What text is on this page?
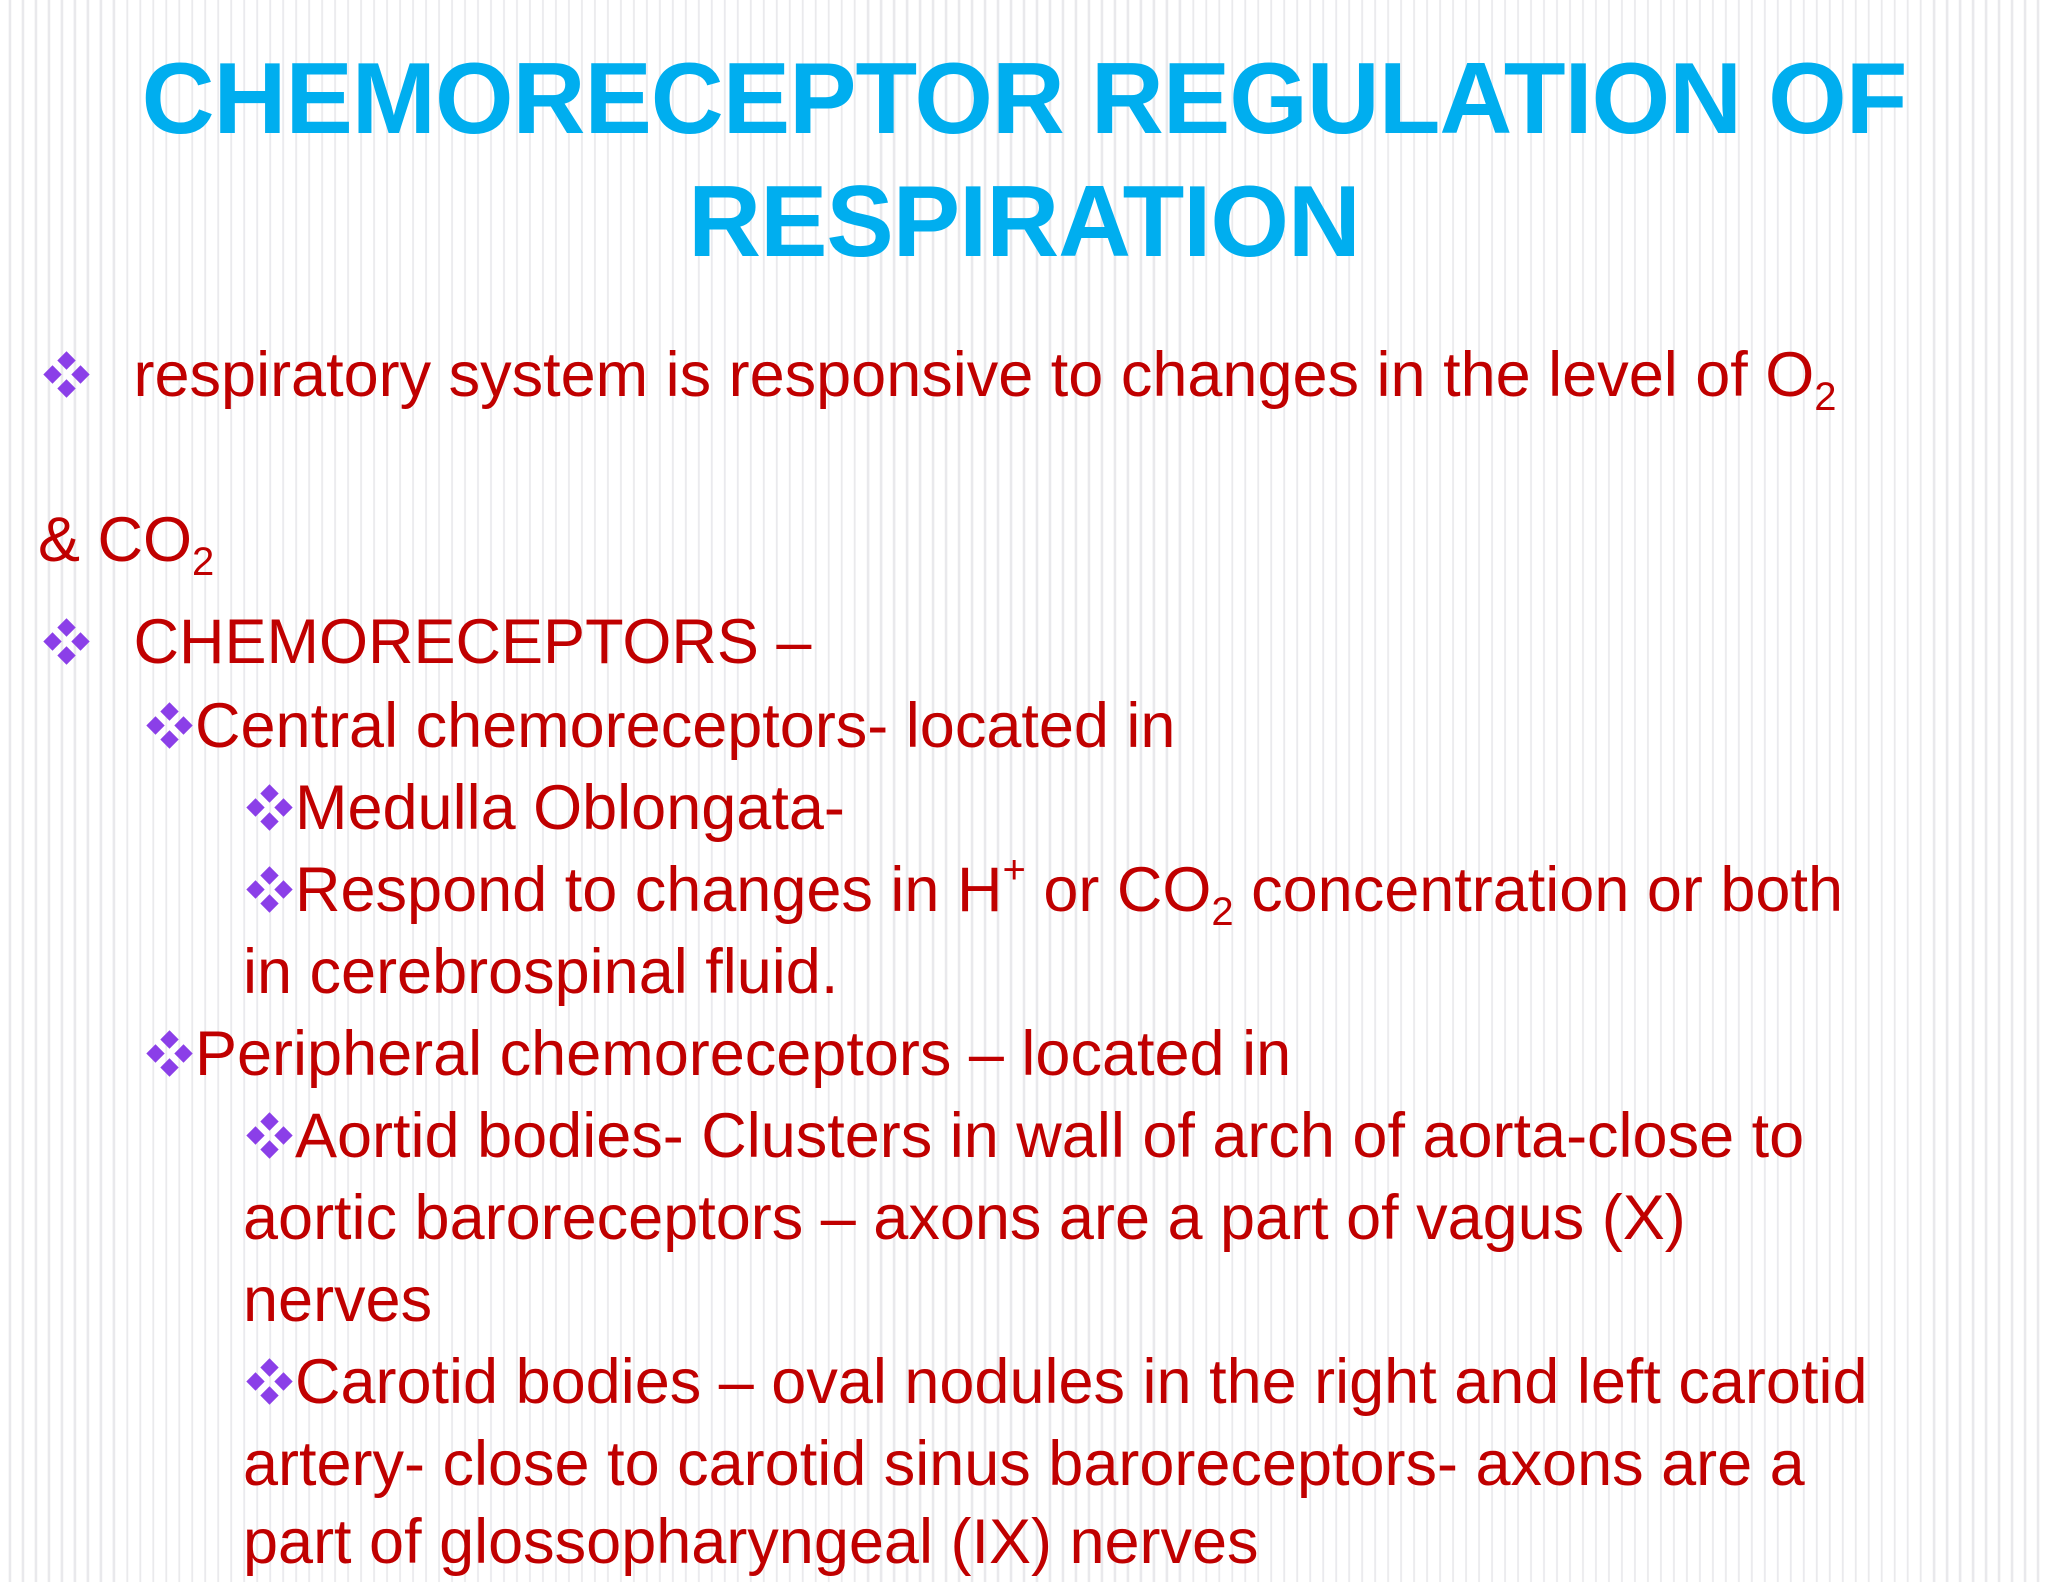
CHEMORECEPTOR REGULATION OF
RESPIRATION
respiratory system is responsive to changes in the level of $O_2$
& $CO_2$
CHEMORECEPTORS –
Central chemoreceptors- located in
Medulla Oblongata-
Respond to changes in H+ or $CO_2$ concentration or both
in cerebrospinal fluid.
Peripheral chemoreceptors – located in
Aortid bodies- Clusters in wall of arch of aorta-close to
aortic baroreceptors – axons are a part of vagus (X)
nerves
Carotid bodies – oval nodules in the right and left carotid
artery- close to carotid sinus baroreceptors- axons are a
part of glossopharyngeal (IX) nerves
